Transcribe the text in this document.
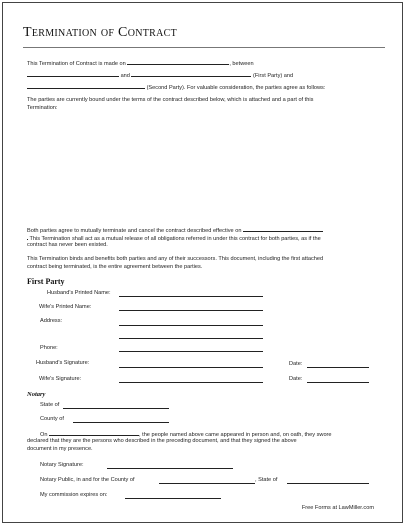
Termination of Contract
This Termination of Contract is made on	, between
and	(First Party) and
(Second Party). For valuable consideration, the parties agree as follows:
The parties are currently bound under the terms of the contract described below, which is attached and a part of this
Termination:
Both parties agree to mutually terminate and cancel the contract described effective on
This Termination shall act as a mutual release of all obligations referred in under this contract for both parties, as if the
contract has never been existed.
This Termination binds and benefits both parties and any of their successors. This document, including the first attached
contract being terminated, is the entire agreement between the parties.
First Party
Husband's Printed Name:
Wife's Printed Name:
Address:
Phone:
Husband's Signature:	Date:
Wife's Signature:	Date:
Notary
State of
County of
On	, the people named above came appeared in person and, on oath, they swore
declared that they are the persons who described in the preceding document, and that they signed the above
document in my presence.
Notary Signature:
Notary Public, in and for the County of	, State of
My commission expires on:
Free Forms at LawMiller.com
